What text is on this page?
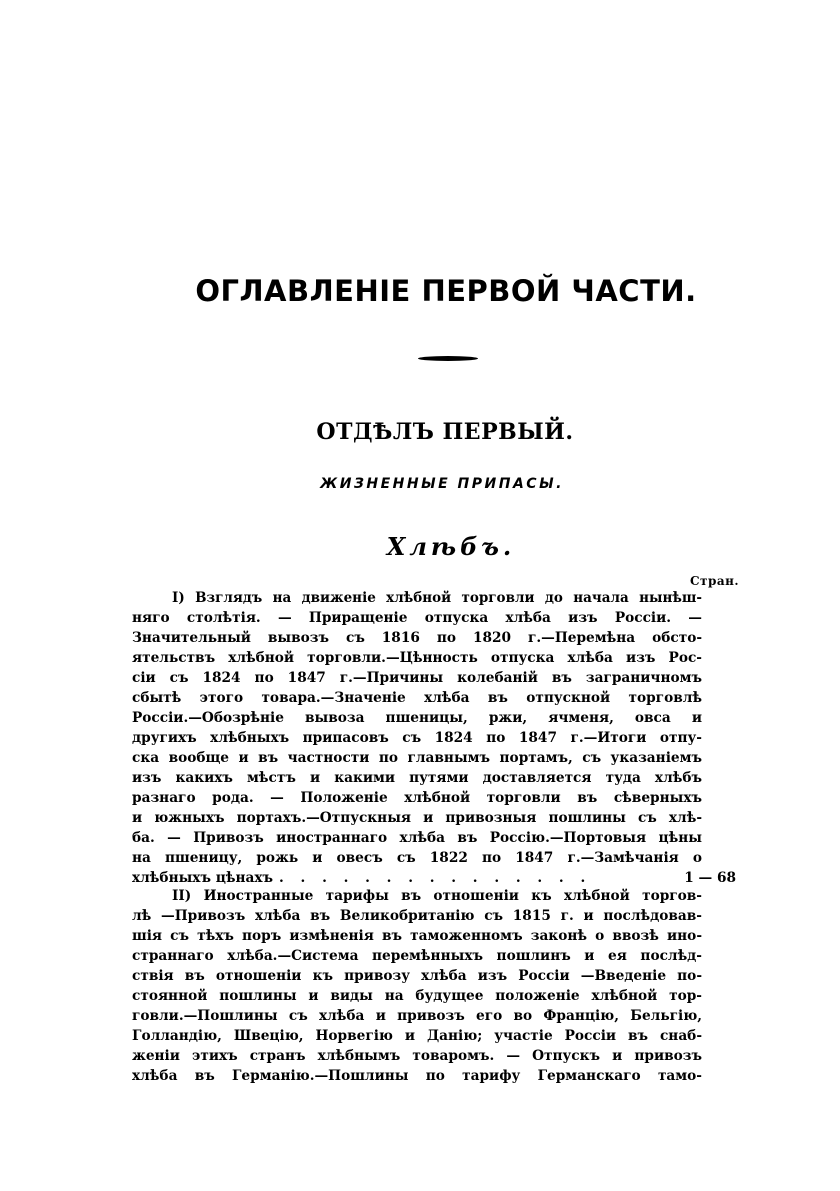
ОГЛАВЛЕНІЕ ПЕРВОЙ ЧАСТИ.
ОТДѢЛЪ ПЕРВЫЙ.
ЖИЗНЕННЫЕ ПРИПАСЫ.
Хлѣбъ.
Стран.
I) Взглядъ на движеніе хлѣбной торговли до начала нынѣш-
няго столѣтія. — Приращеніе отпуска хлѣба изъ Россіи. —
Значительный вывозъ съ 1816 по 1820 г.—Перемѣна обсто-
ятельствъ хлѣбной торговли.—Цѣнность отпуска хлѣба изъ Рос-
сіи съ 1824 по 1847 г.—Причины колебаній въ заграничномъ
сбытѣ этого товара.—Значеніе хлѣба въ отпускной торговлѣ
Россіи.—Обозрѣніе вывоза пшеницы, ржи, ячменя, овса и
другихъ хлѣбныхъ припасовъ съ 1824 по 1847 г.—Итоги отпу-
ска вообще и въ частности по главнымъ портамъ, съ указаніемъ
изъ какихъ мѣстъ и какими путями доставляется туда хлѣбъ
разнаго рода. — Положеніе хлѣбной торговли въ сѣверныхъ
и южныхъ портахъ.—Отпускныя и привозныя пошлины съ хлѣ-
ба. — Привозъ иностраннаго хлѣба въ Россію.—Портовыя цѣны
на пшеницу, рожь и овесъ съ 1822 по 1847 г.—Замѣчанія о
хлѣбныхъ цѣнахъ . . . . . . . . . . . . . . .	1 — 68
II) Иностранные тарифы въ отношеніи къ хлѣбной торгов-
лѣ —Привозъ хлѣба въ Великобританію съ 1815 г. и послѣдовав-
шія съ тѣхъ поръ измѣненія въ таможенномъ законѣ о ввозѣ ино-
страннаго хлѣба.—Система перемѣнныхъ пошлинъ и ея послѣд-
ствія въ отношеніи къ привозу хлѣба изъ Россіи —Введеніе по-
стоянной пошлины и виды на будущее положеніе хлѣбной тор-
говли.—Пошлины съ хлѣба и привозъ его во Францію, Бельгію,
Голландію, Швецію, Норвегію и Данію; участіе Россіи въ снаб-
женіи этихъ странъ хлѣбнымъ товаромъ. — Отпускъ и привозъ
хлѣба въ Германію.—Пошлины по тарифу Германскаго тамо-
